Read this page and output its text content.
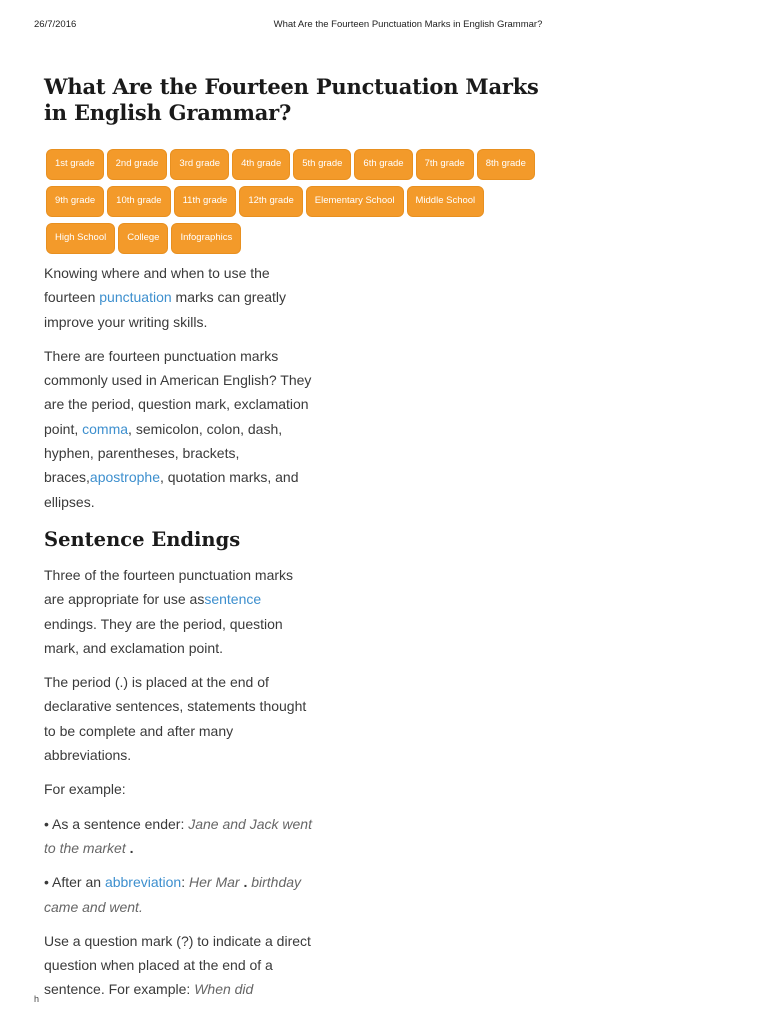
26/7/2016	What Are the Fourteen Punctuation Marks in English Grammar?
What Are the Fourteen Punctuation Marks in English Grammar?
1st grade 2nd grade 3rd grade 4th grade 5th grade 6th grade 7th grade 8th grade
9th grade 10th grade 11th grade 12th grade Elementary School Middle School
High School College Infographics

Knowing where and when to use the fourteen punctuation marks can greatly improve your writing skills.

There are fourteen punctuation marks commonly used in American English? They are the period, question mark, exclamation point, comma, semicolon, colon, dash, hyphen, parentheses, brackets, braces,apostrophe, quotation marks, and ellipses.

Sentence Endings

Three of the fourteen punctuation marks are appropriate for use assentence endings. They are the period, question mark, and exclamation point.

The period (.) is placed at the end of declarative sentences, statements thought to be complete and after many abbreviations.

For example:

• As a sentence ender: Jane and Jack went to the market .

• After an abbreviation: Her Mar . birthday came and went.

Use a question mark (?) to indicate a direct question when placed at the end of a sentence. For example: When did

h
